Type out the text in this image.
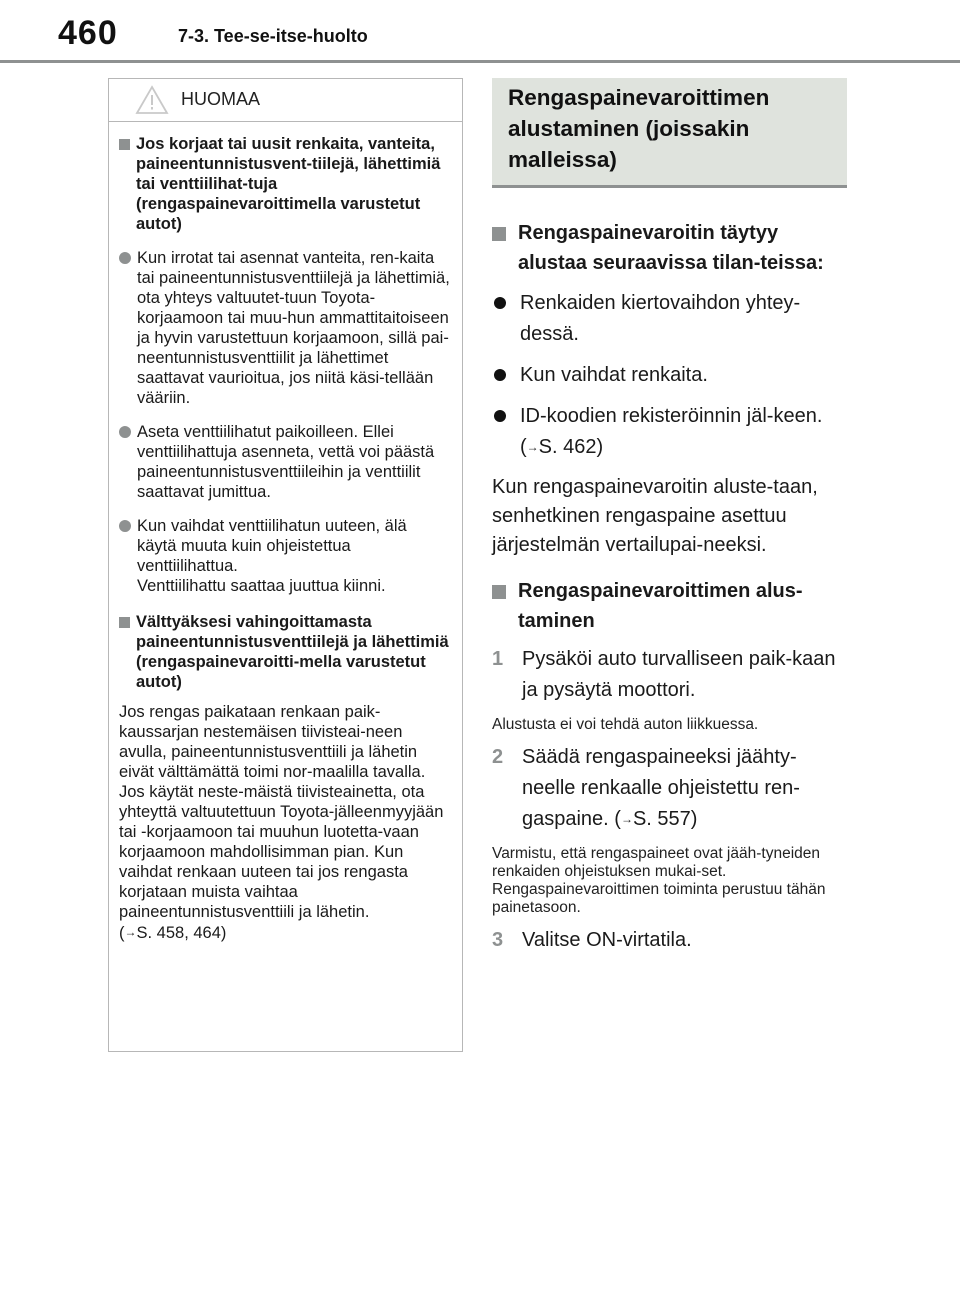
460	7-3. Tee-se-itse-huolto
HUOMAA
Jos korjaat tai uusit renkaita, vanteita, paineentunnistusvent-tiilejä, lähettimiä tai venttiilihat-tuja (rengaspainevaroittimella varustetut autot)
Kun irrotat tai asennat vanteita, ren-kaita tai paineentunnistusventtiilejä ja lähettimiä, ota yhteys valtuutet-tuun Toyota-korjaamoon tai muu-hun ammattitaitoiseen ja hyvin varustettuun korjaamoon, sillä pai-neentunnistusventtiilit ja lähettimet saattavat vaurioitua, jos niitä käsi-tellään vääriin.
Aseta venttiilihatut paikoilleen. Ellei venttiilihattuja asenneta, vettä voi päästä paineentunnistusventtiileihin ja venttiilit saattavat jumittua.
Kun vaihdat venttiilihatun uuteen, älä käytä muuta kuin ohjeistettua venttiilihattua.
Venttiilihattu saattaa juuttua kiinni.
Välttyäksesi vahingoittamasta paineentunnistusventtiilejä ja lähettimiä (rengaspainevaroitti-mella varustetut autot)
Jos rengas paikataan renkaan paik-kaussarjan nestemäisen tiivisteai-neen avulla, paineentunnistusventtiili ja lähetin eivät välttämättä toimi nor-maalilla tavalla. Jos käytät neste-mäistä tiivisteainetta, ota yhteyttä valtuutettuun Toyota-jälleenmyyjään tai -korjaamoon tai muuhun luotetta-vaan korjaamoon mahdollisimman pian. Kun vaihdat renkaan uuteen tai jos rengasta korjataan muista vaihtaa paineentunnistusventtiili ja lähetin.
(→S. 458, 464)
Rengaspainevaroittimen alustaminen (joissakin malleissa)
Rengaspainevaroitin täytyy alustaa seuraavissa tilan-teissa:
Renkaiden kiertovaihdon yhtey-dessä.
Kun vaihdat renkaita.
ID-koodien rekisteröinnin jäl-keen. (→S. 462)
Kun rengaspainevaroitin aluste-taan, senhetkinen rengaspaine asettuu järjestelmän vertailupai-neeksi.
Rengaspainevaroittimen alus-taminen
1 Pysäköi auto turvalliseen paik-kaan ja pysäytä moottori.
Alustusta ei voi tehdä auton liikkuessa.
2 Säädä rengaspaineeksi jäähty-neelle renkaalle ohjeistettu ren-gaspaine. (→S. 557)
Varmistu, että rengaspaineet ovat jääh-tyneiden renkaiden ohjeistuksen mukai-set. Rengaspainevaroittimen toiminta perustuu tähän painetasoon.
3 Valitse ON-virtatila.
